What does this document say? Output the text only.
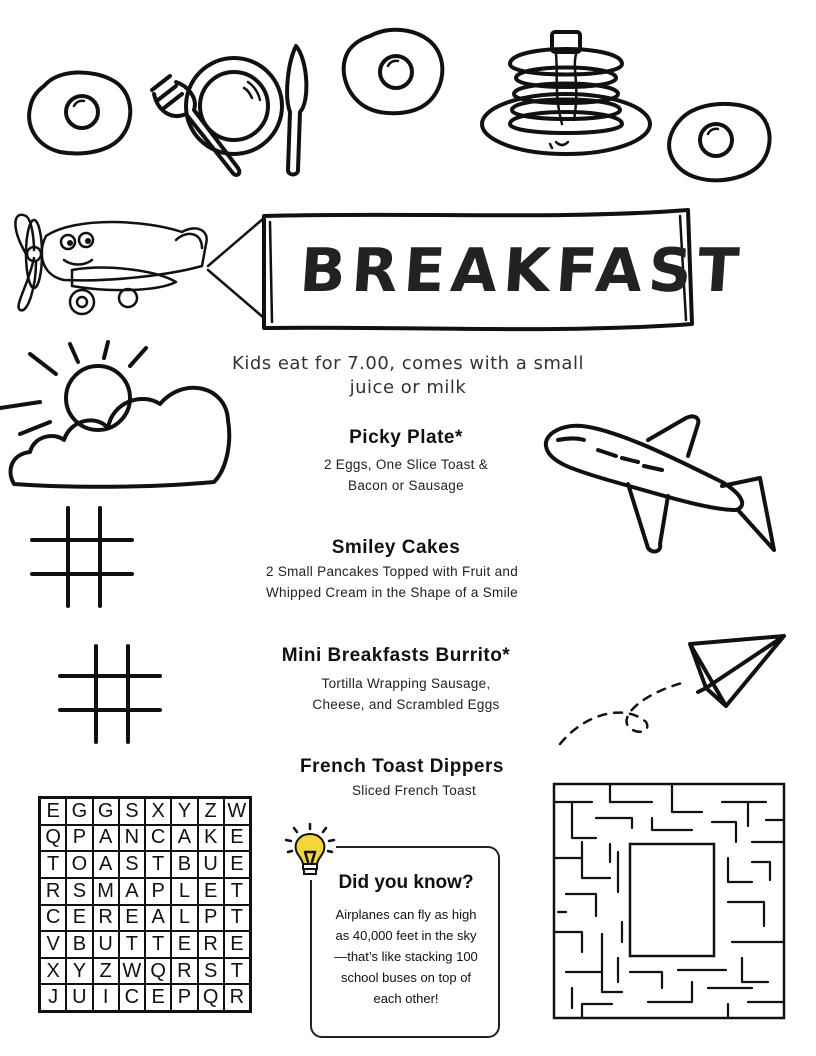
BREAKFAST
Kids eat for 7.00, comes with a small juice or milk
Picky Plate*
2 Eggs, One Slice Toast &
Bacon or Sausage
Smiley Cakes
2 Small Pancakes Topped with Fruit and
Whipped Cream in the Shape of a Smile
Mini Breakfasts Burrito*
Tortilla Wrapping Sausage,
Cheese, and Scrambled Eggs
French Toast Dippers
Sliced French Toast
E G G S X Y Z W
Q P A N C A K E
T O A S T B U E
R S M A P L E T
C E R E A L P T
V B U T T E R E
X Y Z W Q R S T
J U I C E P Q R
Did you know?
Airplanes can fly as high
as 40,000 feet in the sky
—that’s like stacking 100
school buses on top of
each other!
